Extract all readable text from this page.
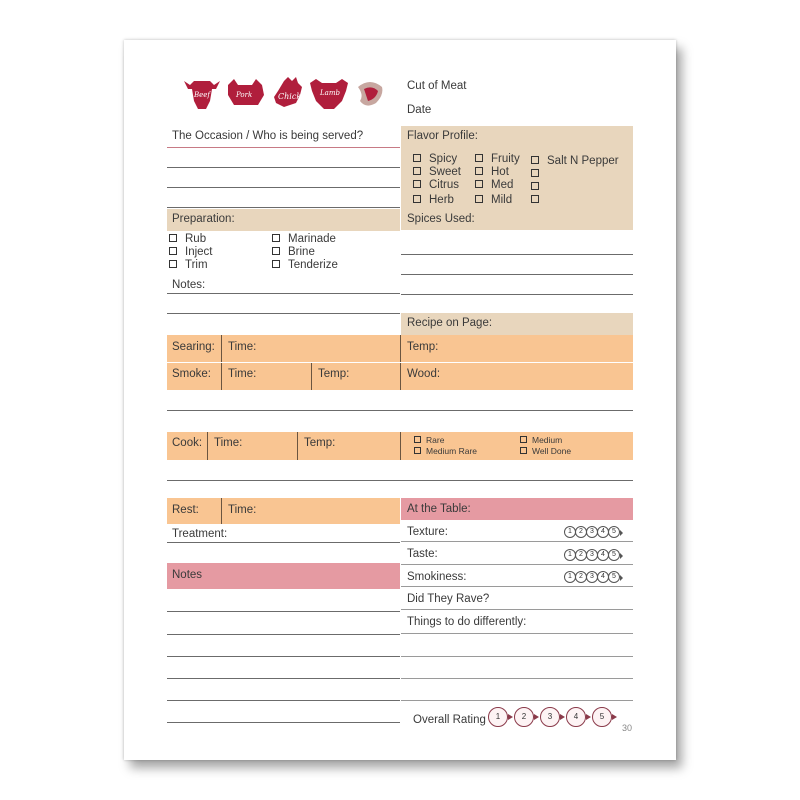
Beef	Pork	Chicken Lamb
Cut of Meat
Date
The Occasion / Who is being served?	Flavor Profile:
Spicy
Sweet
Citrus
Herb
Fruity
Hot
Med
Mild
Salt N Pepper
Preparation:
Rub
Inject
Trim
Marinade
Brine
Tenderize
Notes:
Spices Used:
Recipe on Page:
Searing: Time:	Temp:
Smoke: Time:	Temp:	Wood:
Cook: Time:	Temp:	Rare	Medium
Medium Rare	Well Done
Rest:	Time:
Treatment:
Notes
At the Table:
Texture:	1	2	3	4	5
Taste:	1	2	3	4	5
Smokiness:	1	2	3	4	5
Did They Rave?
Things to do differently:
Overall Rating	1	2	3	4	5
30
